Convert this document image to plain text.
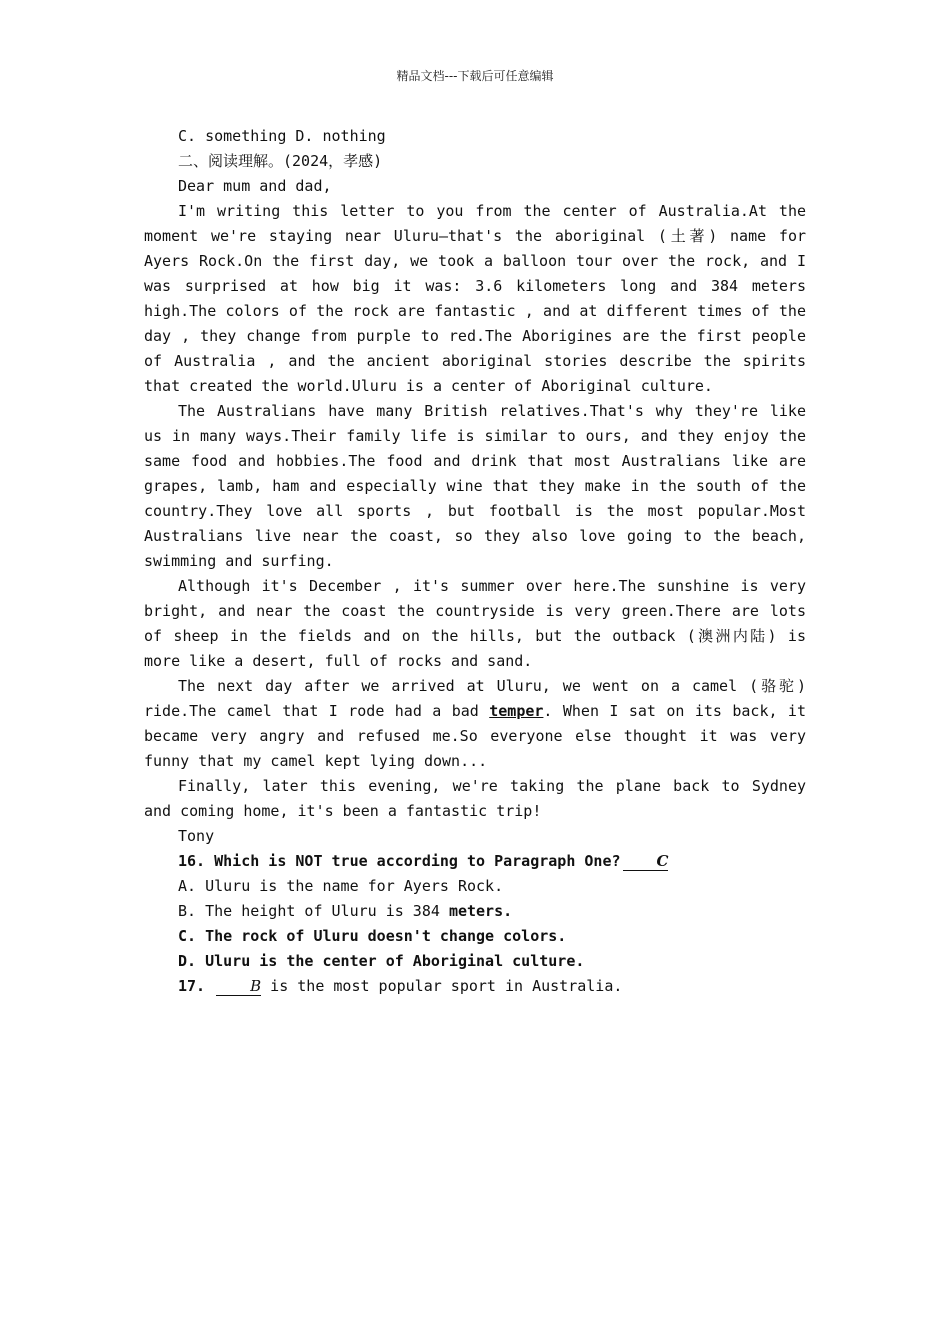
精品文档---下载后可任意编辑

C. something D. nothing

二、阅读理解。(2024，孝感)

Dear mum and dad,

I'm writing this letter to you from the center of Australia.At the moment we're staying near Uluru—that's the aboriginal (土著) name for Ayers Rock.On the first day, we took a balloon tour over the rock, and I was surprised at how big it was: 3.6 kilometers long and 384 meters high.The colors of the rock are fantastic , and at different times of the day , they change from purple to red.The Aborigines are the first people of Australia , and the ancient aboriginal stories describe the spirits that created the world.Uluru is a center of Aboriginal culture.

The Australians have many British relatives.That's why they're like us in many ways.Their family life is similar to ours, and they enjoy the same food and hobbies.The food and drink that most Australians like are grapes, lamb, ham and especially wine that they make in the south of the country.They love all sports , but football is the most popular.Most Australians live near the coast, so they also love going to the beach, swimming and surfing.

Although it's December , it's summer over here.The sunshine is very bright, and near the coast the countryside is very green.There are lots of sheep in the fields and on the hills, but the outback (澳洲内陆) is more like a desert, full of rocks and sand.

The next day after we arrived at Uluru, we went on a camel (骆驼) ride.The camel that I rode had a bad temper. When I sat on its back, it became very angry and refused me.So everyone else thought it was very funny that my camel kept lying down...

Finally, later this evening, we're taking the plane back to Sydney and coming home, it's been a fantastic trip!

Tony

16. Which is NOT true according to Paragraph One? C

A. Uluru is the name for Ayers Rock.

B. The height of Uluru is 384 meters.

C. The rock of Uluru doesn't change colors.

D. Uluru is the center of Aboriginal culture.

17.	B is the most popular sport in Australia.
